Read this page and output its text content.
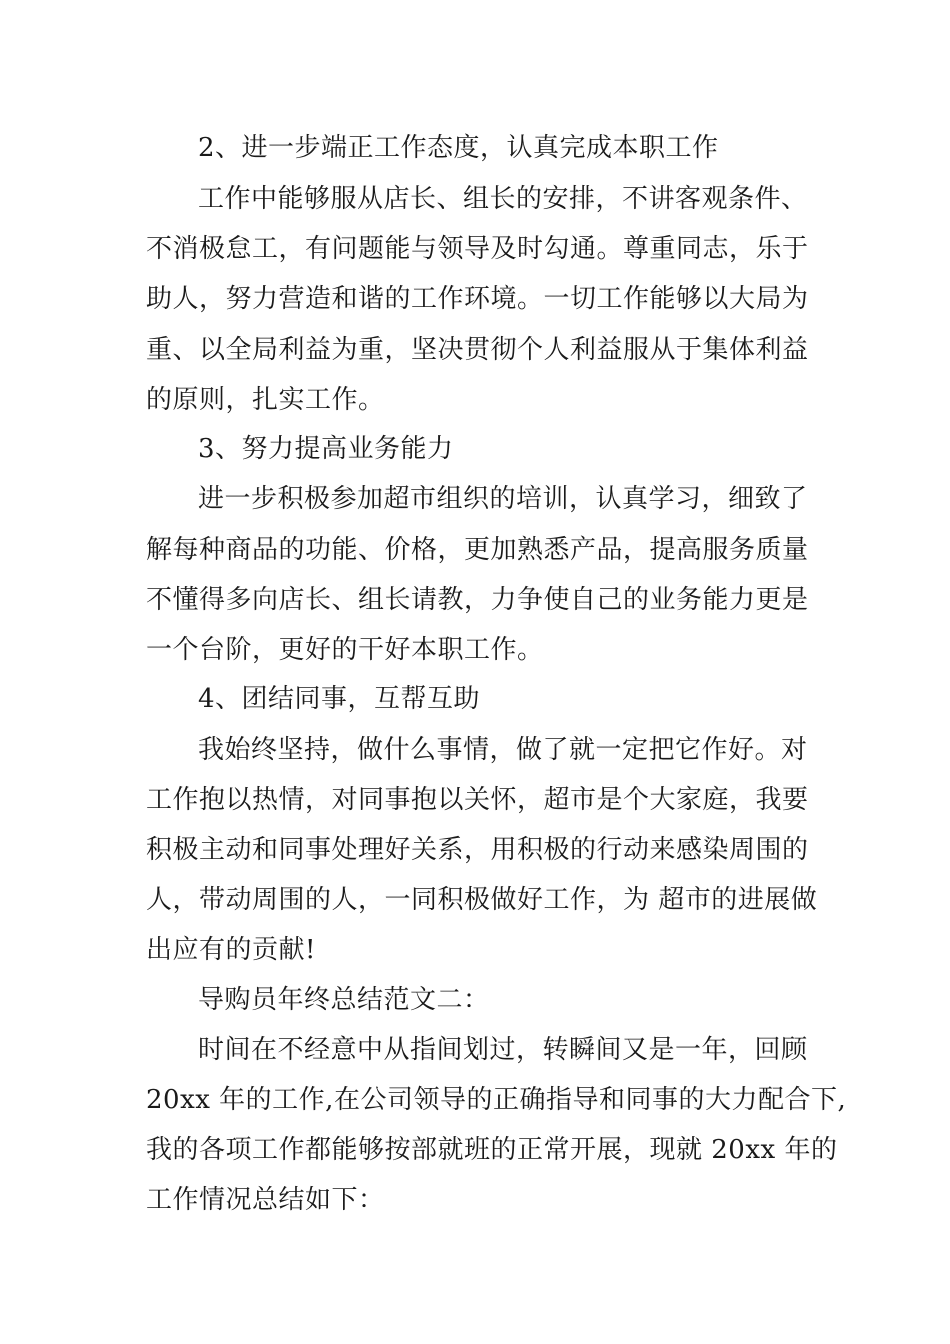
2、进一步端正工作态度，认真完成本职工作
工作中能够服从店长、组长的安排，不讲客观条件、
不消极怠工，有问题能与领导及时勾通。尊重同志，乐于
助人，努力营造和谐的工作环境。一切工作能够以大局为
重、以全局利益为重，坚决贯彻个人利益服从于集体利益
的原则，扎实工作。
3、努力提高业务能力
进一步积极参加超市组织的培训，认真学习，细致了
解每种商品的功能、价格，更加熟悉产品，提高服务质量
不懂得多向店长、组长请教，力争使自己的业务能力更是
一个台阶，更好的干好本职工作。
4、团结同事，互帮互助
我始终坚持，做什么事情，做了就一定把它作好。对
工作抱以热情，对同事抱以关怀，超市是个大家庭，我要
积极主动和同事处理好关系，用积极的行动来感染周围的
人，带动周围的人，一同积极做好工作，为 超市的进展做
出应有的贡献!
导购员年终总结范文二：
时间在不经意中从指间划过，转瞬间又是一年，回顾
20xx 年的工作,在公司领导的正确指导和同事的大力配合下,
我的各项工作都能够按部就班的正常开展，现就 20xx 年的
工作情况总结如下：
